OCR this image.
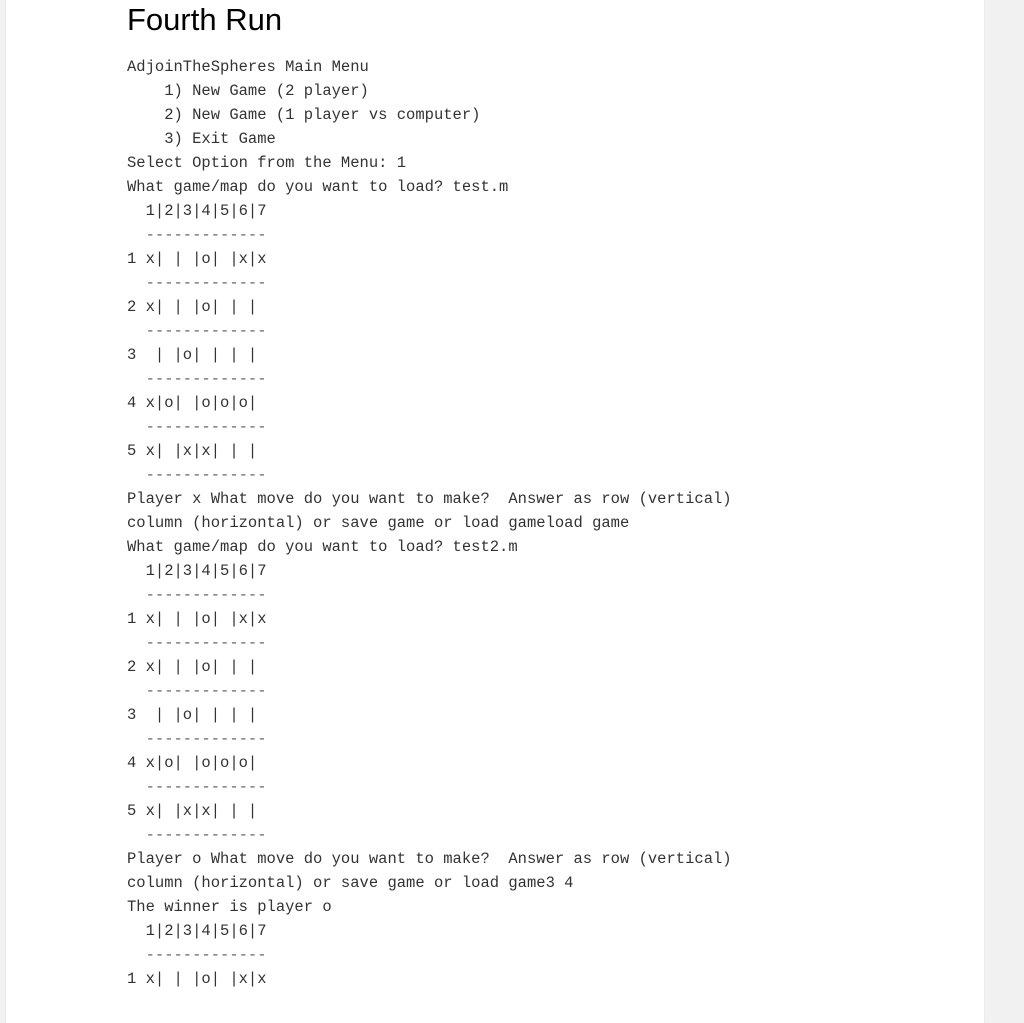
Fourth Run
AdjoinTheSpheres Main Menu
1) New Game (2 player)
2) New Game (1 player vs computer)
3) Exit Game
Select Option from the Menu: 1
What game/map do you want to load? test.m
1|2|3|4|5|6|7
-------------
1 x| | |o| |x|x
-------------
2 x| | |o| | |
-------------
3  | |o| | | |
-------------
4 x|o| |o|o|o|
-------------
5 x| |x|x| | |
-------------
Player x What move do you want to make?  Answer as row (vertical)
column (horizontal) or save game or load gameload game
What game/map do you want to load? test2.m
1|2|3|4|5|6|7
-------------
1 x| | |o| |x|x
-------------
2 x| | |o| | |
-------------
3  | |o| | | |
-------------
4 x|o| |o|o|o|
-------------
5 x| |x|x| | |
-------------
Player o What move do you want to make?  Answer as row (vertical)
column (horizontal) or save game or load game3 4
The winner is player o
1|2|3|4|5|6|7
-------------
1 x| | |o| |x|x
